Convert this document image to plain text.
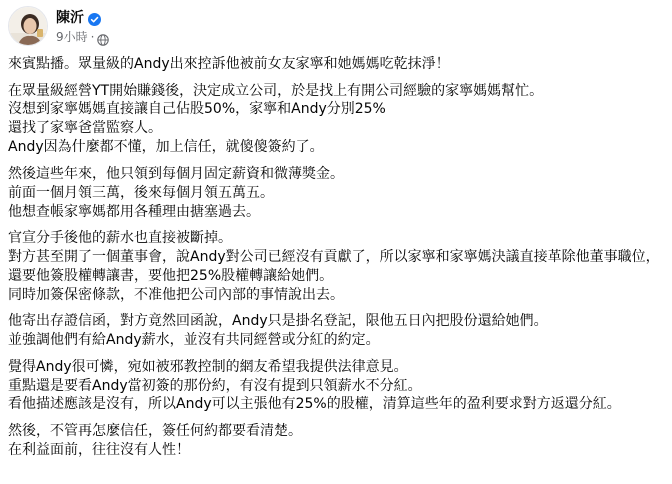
陳沂
9小時 ·
來賓點播。眾量級的Andy出來控訴他被前女友家寧和她媽媽吃乾抹淨！
在眾量級經營YT開始賺錢後，決定成立公司，於是找上有開公司經驗的家寧媽媽幫忙。
沒想到家寧媽媽直接讓自己佔股50%，家寧和Andy分別25%
還找了家寧爸當監察人。
Andy因為什麼都不懂，加上信任，就傻傻簽約了。
然後這些年來，他只領到每個月固定薪資和微薄獎金。
前面一個月領三萬，後來每個月領五萬五。
他想查帳家寧媽都用各種理由搪塞過去。
官宣分手後他的薪水也直接被斷掉。
對方甚至開了一個董事會，說Andy對公司已經沒有貢獻了，所以家寧和家寧媽決議直接革除他董事職位，還要他簽股權轉讓書，要他把25%股權轉讓給她們。
同時加簽保密條款，不准他把公司內部的事情說出去。
他寄出存證信函，對方竟然回函說，Andy只是掛名登記，限他五日內把股份還給她們。
並強調他們有給Andy薪水，並沒有共同經營或分紅的約定。
覺得Andy很可憐，宛如被邪教控制的網友希望我提供法律意見。
重點還是要看Andy當初簽的那份約，有沒有提到只領薪水不分紅。
看他描述應該是沒有，所以Andy可以主張他有25%的股權，清算這些年的盈利要求對方返還分紅。
然後，不管再怎麼信任，簽任何約都要看清楚。
在利益面前，往往沒有人性！
